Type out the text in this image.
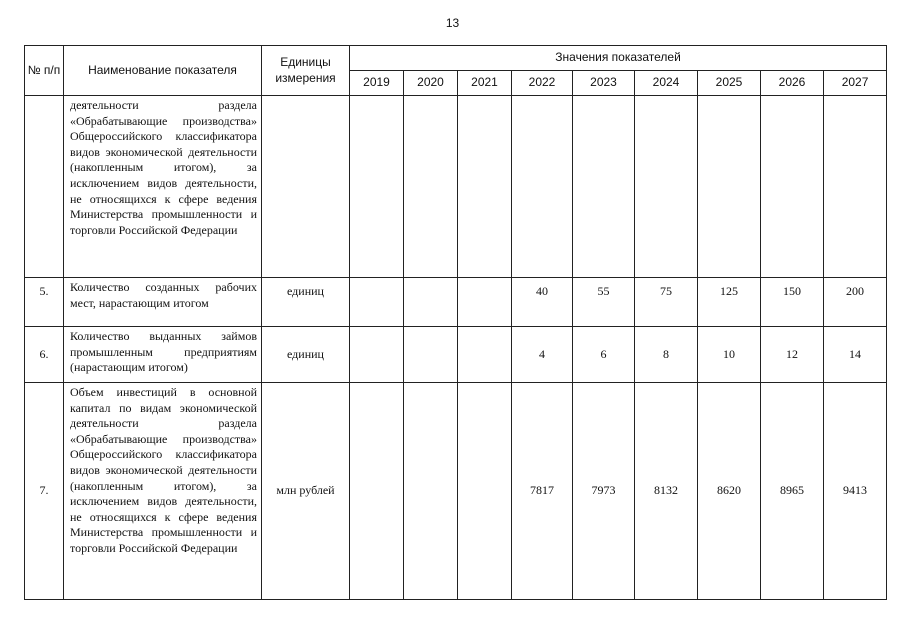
13
№ п/п	Наименование показателя	Единицы измерения	Значения показателей								
			2019	2020	2021	2022	2023	2024	2025	2026	2027
	деятельности раздела «Обрабатывающие производства» Общероссийского классификатора видов экономической деятельности (накопленным итогом), за исключением видов деятельности, не относящихся к сфере ведения Министерства промышленности и торговли Российской Федерации										
5.	Количество созданных рабочих мест, нарастающим итогом	единиц				40	55	75	125	150	200
6.	Количество выданных займов промышленным предприятиям (нарастающим итогом)	единиц				4	6	8	10	12	14
7.	Объем инвестиций в основной капитал по видам экономической деятельности раздела «Обрабатывающие производства» Общероссийского классификатора видов экономической деятельности (накопленным итогом), за исключением видов деятельности, не относящихся к сфере ведения Министерства промышленности и торговли Российской Федерации	млн рублей				7817	7973	8132	8620	8965	9413
